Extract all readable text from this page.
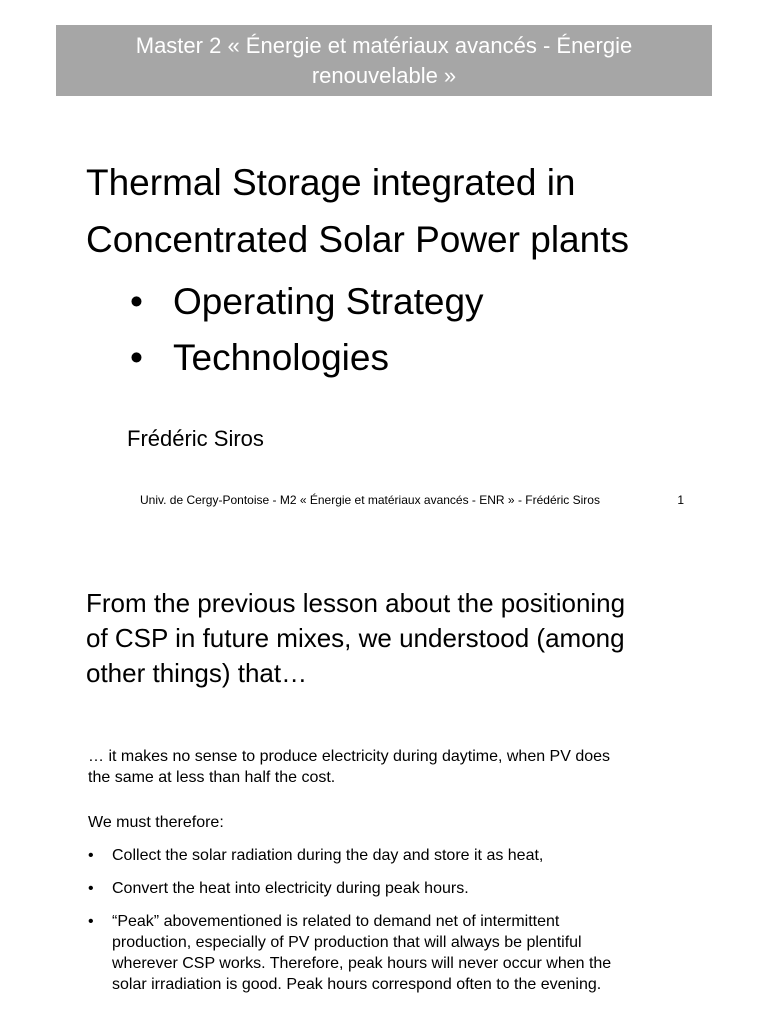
Master 2 « Énergie et matériaux avancés - Énergie
renouvelable »
Thermal Storage integrated in
Concentrated Solar Power plants
• Operating Strategy
• Technologies
Frédéric Siros
Univ. de Cergy-Pontoise - M2 « Énergie et matériaux avancés - ENR » - Frédéric Siros	1
From the previous lesson about the positioning
of CSP in future mixes, we understood (among
other things) that…
… it makes no sense to produce electricity during daytime, when PV does
the same at less than half the cost.
We must therefore:
•	Collect the solar radiation during the day and store it as heat,
•	Convert the heat into electricity during peak hours.
•	“Peak” abovementioned is related to demand net of intermittent
production, especially of PV production that will always be plentiful
wherever CSP works. Therefore, peak hours will never occur when the
solar irradiation is good. Peak hours correspond often to the evening.
